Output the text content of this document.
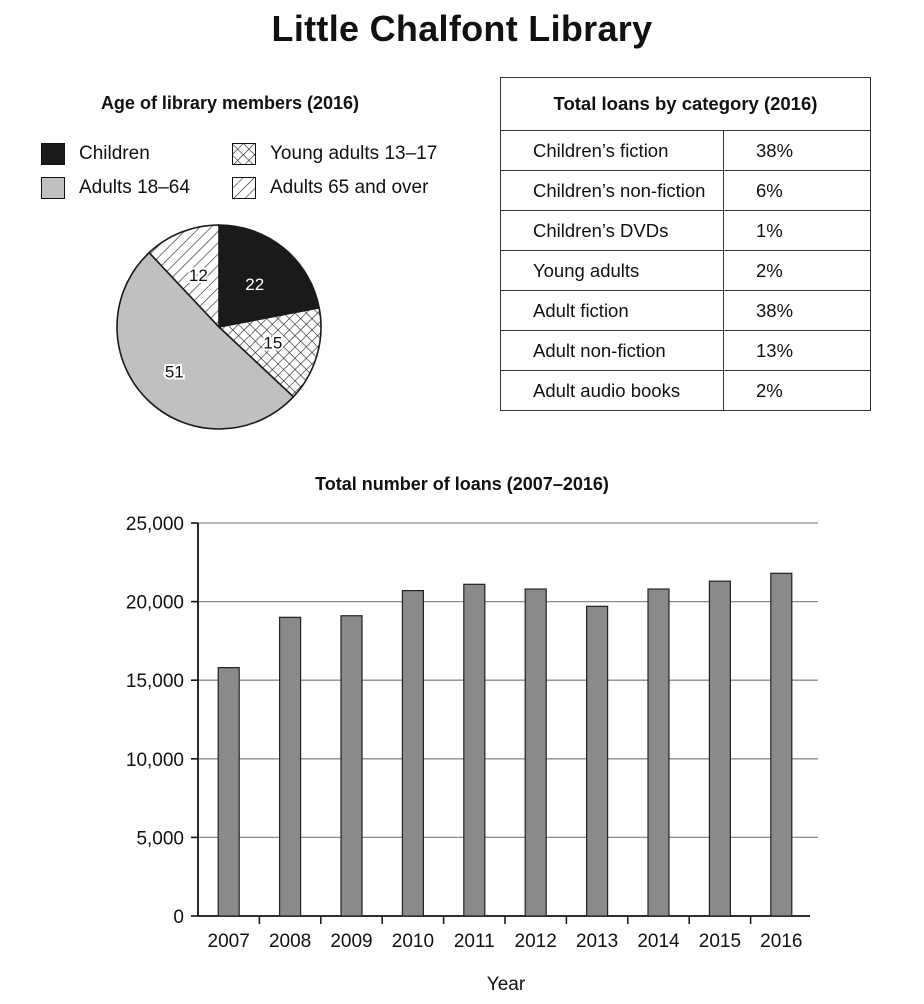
Little Chalfont Library
Age of library members (2016)
Children	Young adults 13–17
Adults 18–64	Adults 65 and over
22
15
51
12
Total loans by category (2016)	
Children’s fiction	38%
Children’s non-fiction	6%
Children’s DVDs	1%
Young adults	2%
Adult fiction	38%
Adult non-fiction	13%
Adult audio books	2%
Total number of loans (2007–2016)
0
5,000
10,000
15,000
20,000
25,000
2007 2008 2009 2010 2011 2012 2013 2014 2015 2016
Year
